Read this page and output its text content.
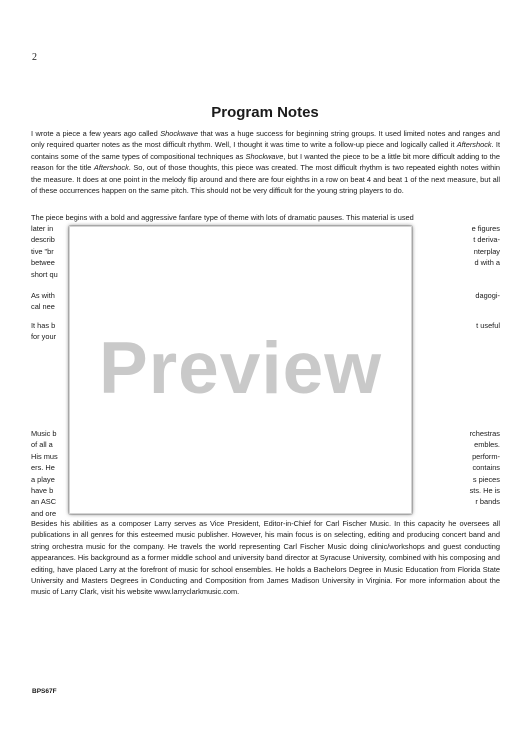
2
Program Notes

I wrote a piece a few years ago called Shockwave that was a huge success for beginning string groups. It used limited notes and ranges and only required quarter notes as the most difficult rhythm. Well, I thought it was time to write a follow-up piece and logically called it Aftershock. It contains some of the same types of compositional techniques as Shockwave, but I wanted the piece to be a little bit more difficult adding to the reason for the title Aftershock. So, out of those thoughts, this piece was created. The most difficult rhythm is two repeated eighth notes within the measure. It does at one point in the melody flip around and there are four eighths in a row on beat 4 and beat 1 of the next measure, but all of these occurrences happen on the same pitch. This should not be very difficult for the young string players to do.

The piece begins with a bold and aggressive fanfare type of theme with lots of dramatic pauses. This material is used

later in
describ
tive "br
betwee
short qu
e figures
t deriva-
nterplay
d with a
As with
cal nee
dagogi-
It has b
for your
t useful
Music b
of all a
His mus
ers. He
a playe
have b
an ASC
and ore
rchestras
embles.
perform-
contains
s pieces
sts. He is
r bands
Preview

Besides his abilities as a composer Larry serves as Vice President, Editor-in-Chief for Carl Fischer Music. In this capacity he oversees all publications in all genres for this esteemed music publisher. However, his main focus is on selecting, editing and producing concert band and string orchestra music for the company. He travels the world representing Carl Fischer Music doing clinic/workshops and guest conducting appearances. His background as a former middle school and university band director at Syracuse University, combined with his composing and editing, have placed Larry at the forefront of music for school ensembles. He holds a Bachelors Degree in Music Education from Florida State University and Masters Degrees in Conducting and Composition from James Madison University in Virginia. For more information about the music of Larry Clark, visit his website www.larryclarkmusic.com.

BPS67F
